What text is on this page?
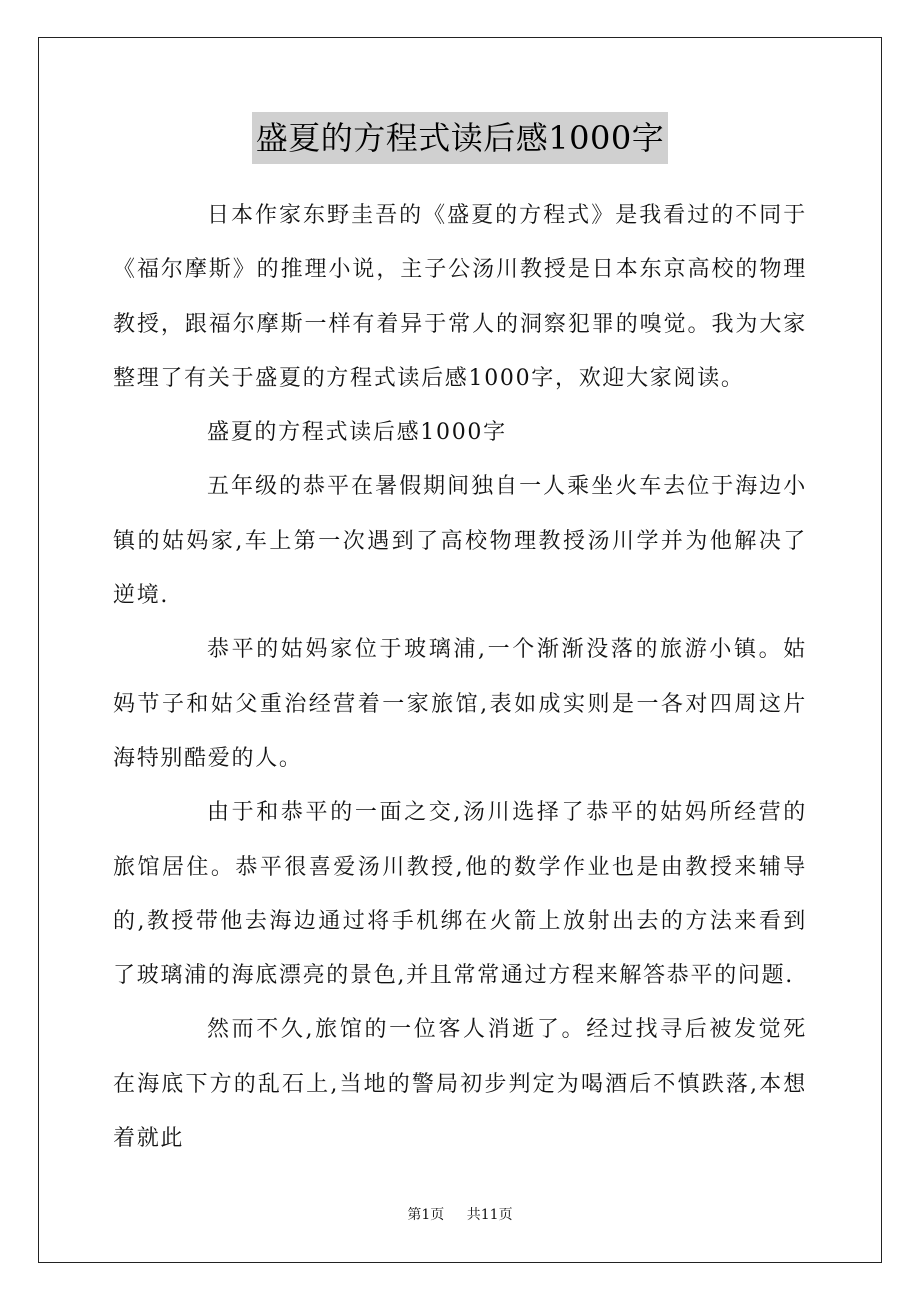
盛夏的方程式读后感1000字

日本作家东野圭吾的《盛夏的方程式》是我看过的不同于《福尔摩斯》的推理小说，主子公汤川教授是日本东京高校的物理教授，跟福尔摩斯一样有着异于常人的洞察犯罪的嗅觉。我为大家整理了有关于盛夏的方程式读后感1000字，欢迎大家阅读。

盛夏的方程式读后感1000字

五年级的恭平在暑假期间独自一人乘坐火车去位于海边小镇的姑妈家,车上第一次遇到了高校物理教授汤川学并为他解决了逆境.

恭平的姑妈家位于玻璃浦,一个渐渐没落的旅游小镇。姑妈节子和姑父重治经营着一家旅馆,表如成实则是一各对四周这片海特别酷爱的人。

由于和恭平的一面之交,汤川选择了恭平的姑妈所经营的旅馆居住。恭平很喜爱汤川教授,他的数学作业也是由教授来辅导的,教授带他去海边通过将手机绑在火箭上放射出去的方法来看到了玻璃浦的海底漂亮的景色,并且常常通过方程来解答恭平的问题.

然而不久,旅馆的一位客人消逝了。经过找寻后被发觉死在海底下方的乱石上,当地的警局初步判定为喝酒后不慎跌落,本想着就此

第1页 共11页
